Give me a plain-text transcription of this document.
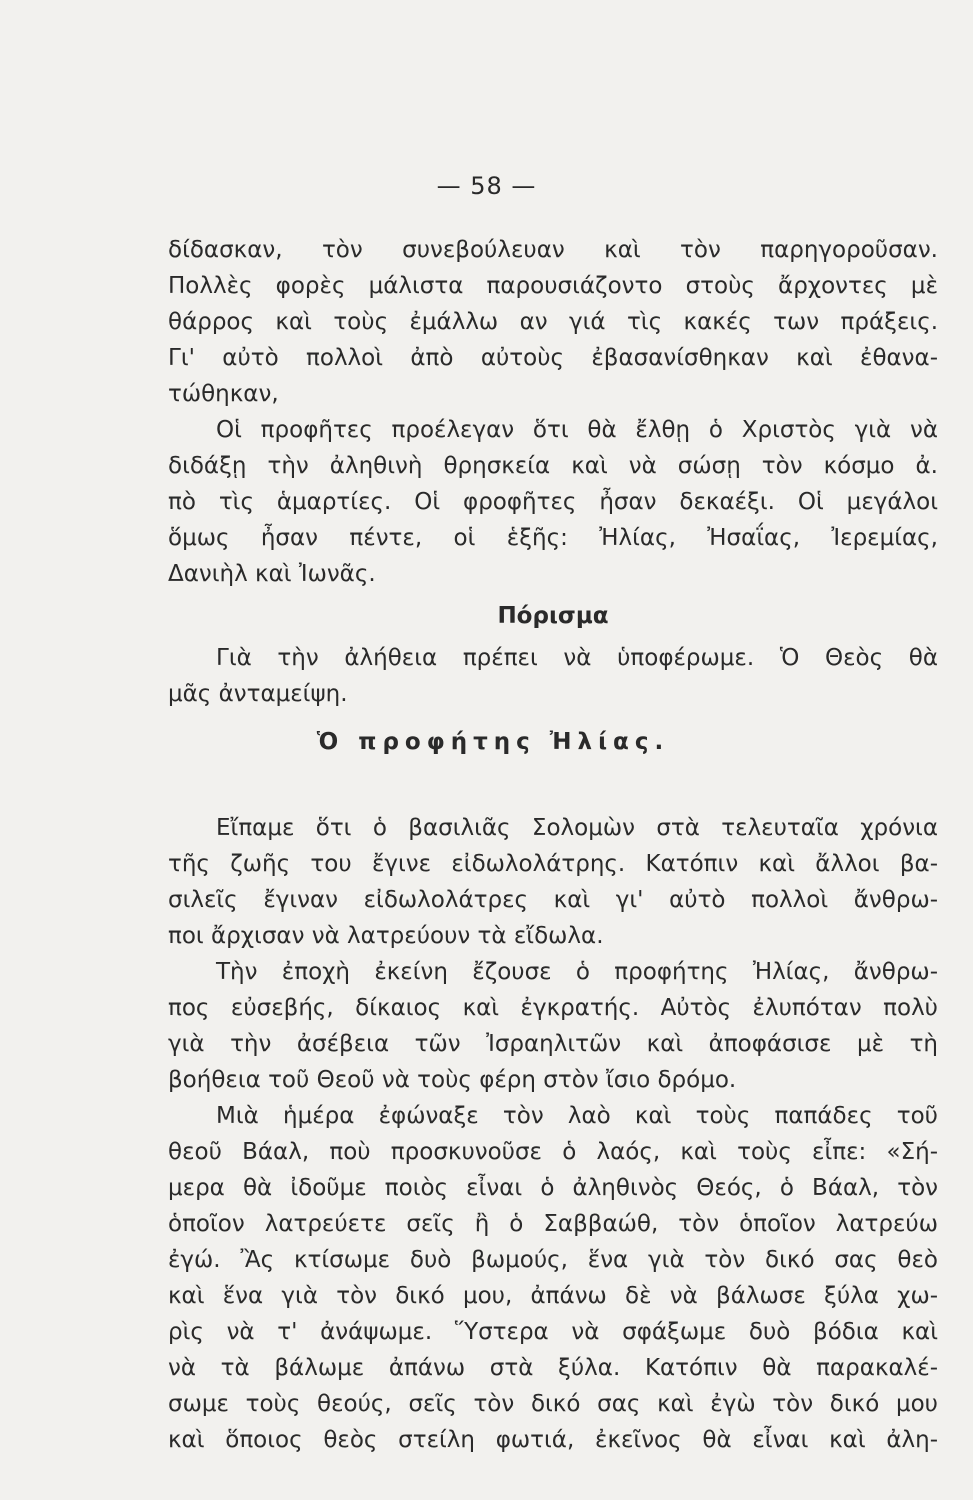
— 58 —
δίδασκαν, τὸν συνεβούλευαν καὶ τὸν παρηγοροῦσαν.
Πολλὲς φορὲς μάλιστα παρουσιάζοντο στοὺς ἄρχοντες μὲ
θάρρος καὶ τοὺς ἐμάλλω αν γιά τὶς κακές των πράξεις.
Γι' αὐτὸ πολλοὶ ἀπὸ αὐτοὺς ἐβασανίσθηκαν καὶ ἐθανα-
τώθηκαν,
Οἱ προφῆτες προέλεγαν ὅτι θὰ ἔλθῃ ὁ Χριστὸς γιὰ νὰ
διδάξῃ τὴν ἀληθινὴ θρησκεία καὶ νὰ σώσῃ τὸν κόσμο ἀ.
πὸ τὶς ἁμαρτίες. Οἱ φροφῆτες ἦσαν δεκαέξι. Οἱ μεγάλοι
ὅμως ἦσαν πέντε, οἱ ἑξῆς: Ἠλίας, Ἠσαΐας, Ἰερεμίας,
Δανιὴλ καὶ Ἰωνᾶς.
Πόρισμα
Γιὰ τὴν ἀλήθεια πρέπει νὰ ὑποφέρωμε. Ὁ Θεὸς θὰ
μᾶς ἀνταμείψη.
Ὁ προφήτης Ἠλίας.
Εἴπαμε ὅτι ὁ βασιλιᾶς Σολομὼν στὰ τελευταῖα χρόνια
τῆς ζωῆς του ἔγινε εἰδωλολάτρης. Κατόπιν καὶ ἄλλοι βα-
σιλεῖς ἔγιναν εἰδωλολάτρες καὶ γι' αὐτὸ πολλοὶ ἄνθρω-
ποι ἄρχισαν νὰ λατρεύουν τὰ εἴδωλα.
Τὴν ἐποχὴ ἐκείνη ἔζουσε ὁ προφήτης Ἠλίας, ἄνθρω-
πος εὐσεβής, δίκαιος καὶ ἐγκρατής. Αὐτὸς ἐλυπόταν πολὺ
γιὰ τὴν ἀσέβεια τῶν Ἰσραηλιτῶν καὶ ἀποφάσισε μὲ τὴ
βοήθεια τοῦ Θεοῦ νὰ τοὺς φέρη στὸν ἴσιο δρόμο.
Μιὰ ἡμέρα ἐφώναξε τὸν λαὸ καὶ τοὺς παπάδες τοῦ
θεοῦ Βάαλ, ποὺ προσκυνοῦσε ὁ λαός, καὶ τοὺς εἶπε: «Σή-
μερα θὰ ἰδοῦμε ποιὸς εἶναι ὁ ἀληθινὸς Θεός, ὁ Βάαλ, τὸν
ὁποῖον λατρεύετε σεῖς ἢ ὁ Σαββαώθ, τὸν ὁποῖον λατρεύω
ἐγώ. Ἂς κτίσωμε δυὸ βωμούς, ἕνα γιὰ τὸν δικό σας θεὸ
καὶ ἕνα γιὰ τὸν δικό μου, ἀπάνω δὲ νὰ βάλωσε ξύλα χω-
ρὶς νὰ τ' ἀνάψωμε. Ὕστερα νὰ σφάξωμε δυὸ βόδια καὶ
νὰ τὰ βάλωμε ἀπάνω στὰ ξύλα. Κατόπιν θὰ παρακαλέ-
σωμε τοὺς θεούς, σεῖς τὸν δικό σας καὶ ἐγὼ τὸν δικό μου
καὶ ὅποιος θεὸς στείλη φωτιά, ἐκεῖνος θὰ εἶναι καὶ ἀλη-
